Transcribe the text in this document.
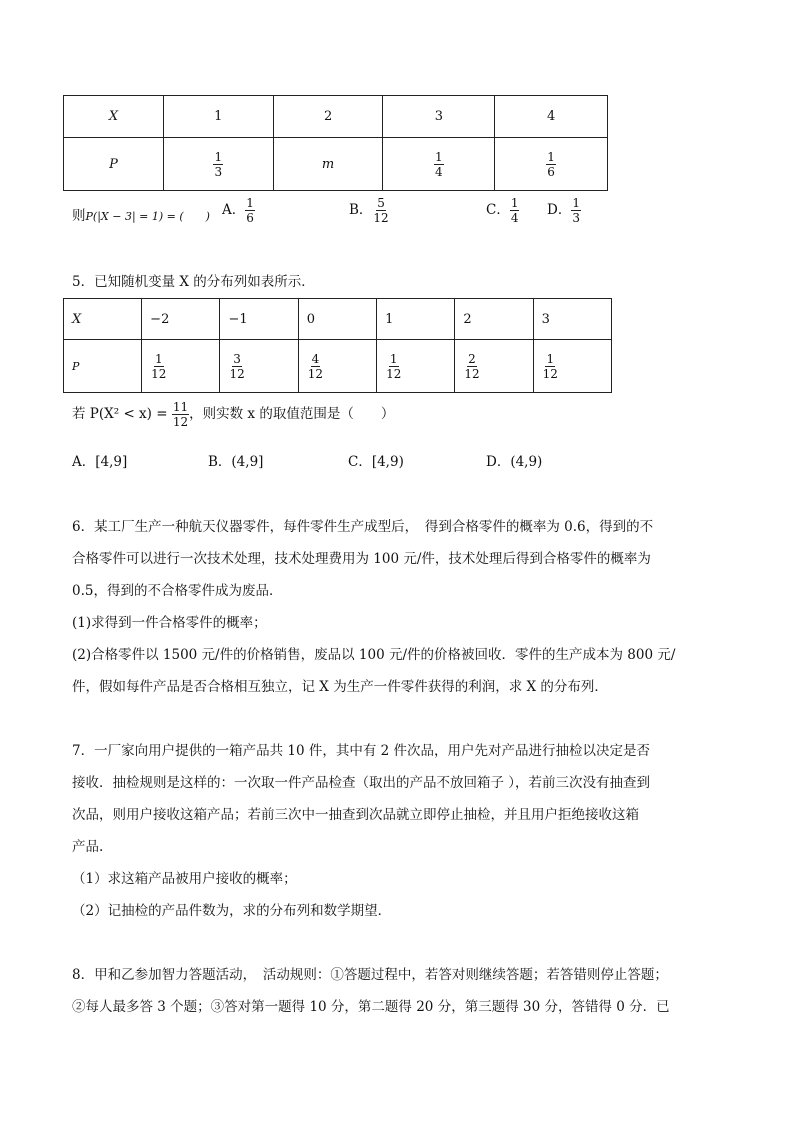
X	1	2	3	4
P	$\frac{1}{3}$	m	$\frac{1}{4}$	$\frac{1}{6}$
则P(|X − 3| = 1) = (　　) A． $\frac{1}{6}$	B． $\frac{5}{12}$	C． $\frac{1}{4}$ D． $\frac{1}{3}$
5．已知随机变量 X 的分布列如表所示．
X	−2	−1	0	1	2	3
P	$\frac{1}{12}$	$\frac{3}{12}$	$\frac{4}{12}$	$\frac{1}{12}$	$\frac{2}{12}$	$\frac{1}{12}$
若 $P(X^2 < x) = \frac{11}{12}$ ，则实数 x 的取值范围是（　　）
A．[4,9]	B．(4,9]	C．[4,9)	D．(4,9)
6．某工厂生产一种航天仪器零件，每件零件生产成型后，　得到合格零件的概率为 0.6，得到的不
合格零件可以进行一次技术处理，技术处理费用为 100 元/件，技术处理后得到合格零件的概率为
0.5，得到的不合格零件成为废品．
(1)求得到一件合格零件的概率；
(2)合格零件以 1500 元/件的价格销售，废品以 100 元/件的价格被回收．零件的生产成本为 800 元/
件，假如每件产品是否合格相互独立，记 X 为生产一件零件获得的利润，求 X 的分布列．
7．一厂家向用户提供的一箱产品共 10 件，其中有 2 件次品，用户先对产品进行抽检以决定是否
接收．抽检规则是这样的：一次取一件产品检查（取出的产品不放回箱子 ），若前三次没有抽查到
次品，则用户接收这箱产品；若前三次中一抽查到次品就立即停止抽检，并且用户拒绝接收这箱
产品.
（1）求这箱产品被用户接收的概率；
（2）记抽检的产品件数为，求的分布列和数学期望．
8．甲和乙参加智力答题活动，　活动规则：①答题过程中，若答对则继续答题；若答错则停止答题；
②每人最多答 3 个题；③答对第一题得 10 分，第二题得 20 分，第三题得 30 分，答错得 0 分．已
